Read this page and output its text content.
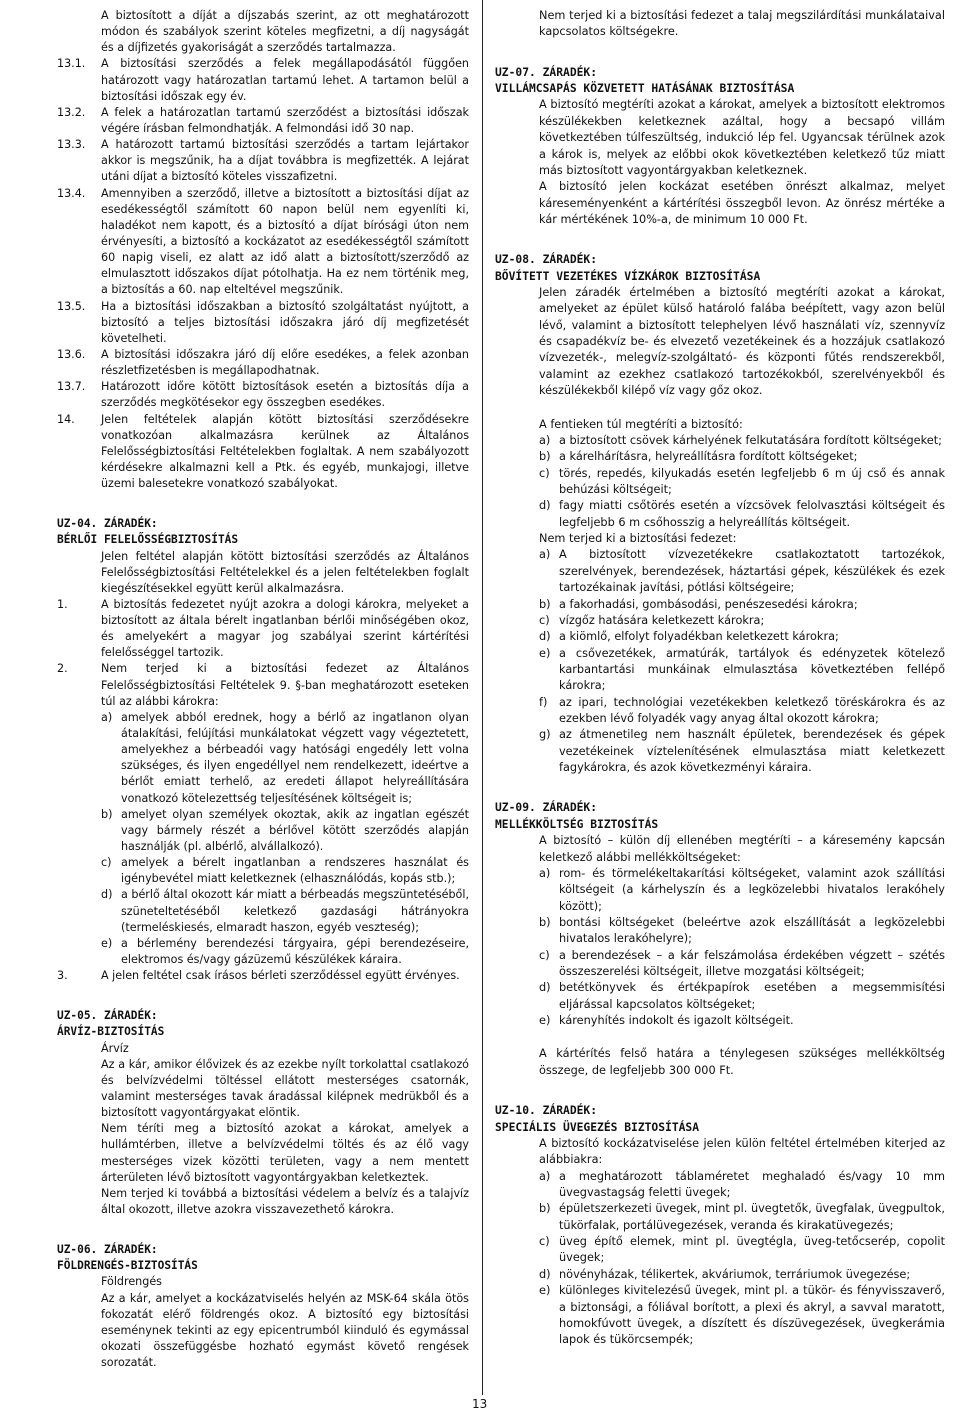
A biztosított a díját a díjszabás szerint, az ott meghatározott módon és szabályok szerint köteles megfizetni, a díj nagyságát és a díjfizetés gyakoriságát a szerződés tartalmazza.

13.1.	A biztosítási szerződés a felek megállapodásától függően határozott vagy határozatlan tartamú lehet. A tartamon belül a biztosítási időszak egy év.
13.2.	A felek a határozatlan tartamú szerződést a biztosítási időszak végére írásban felmondhatják. A felmondási idő 30 nap.
13.3.	A határozott tartamú biztosítási szerződés a tartam lejártakor akkor is megszűnik, ha a díjat továbbra is megfizették. A lejárat utáni díjat a biztosító köteles visszafizetni.
13.4.	Amennyiben a szerződő, illetve a biztosított a biztosítási díjat az esedékességtől számított 60 napon belül nem egyenlíti ki, haladékot nem kapott, és a biztosító a díjat bírósági úton nem érvényesíti, a biztosító a kockázatot az esedékességtől számított 60 napig viseli, ez alatt az idő alatt a biztosított/szerződő az elmulasztott időszakos díjat pótolhatja. Ha ez nem történik meg, a biztosítás a 60. nap elteltével megszűnik.
13.5.	Ha a biztosítási időszakban a biztosító szolgáltatást nyújtott, a biztosító a teljes biztosítási időszakra járó díj megfizetését követelheti.
13.6.	A biztosítási időszakra járó díj előre esedékes, a felek azonban részletfizetésben is megállapodhatnak.
13.7.	Határozott időre kötött biztosítások esetén a biztosítás díja a szerződés megkötésekor egy összegben esedékes.
14.	Jelen feltételek alapján kötött biztosítási szerződésekre vonatkozóan alkalmazásra kerülnek az Általános Felelősségbiztosítási Feltételekben foglaltak. A nem szabályozott kérdésekre alkalmazni kell a Ptk. és egyéb, munkajogi, illetve üzemi balesetekre vonatkozó szabályokat.

UZ-04. ZÁRADÉK:

BÉRLŐI FELELŐSSÉGBIZTOSÍTÁS

Jelen feltétel alapján kötött biztosítási szerződés az Általános Felelősségbiztosítási Feltételekkel és a jelen feltételekben foglalt kiegészítésekkel együtt kerül alkalmazásra.

1.	A biztosítás fedezetet nyújt azokra a dologi károkra, melyeket a biztosított az általa bérelt ingatlanban bérlői minőségében okoz, és amelyekért a magyar jog szabályai szerint kártérítési felelősséggel tartozik.
2.	Nem terjed ki a biztosítási fedezet az Általános Felelősségbiztosítási Feltételek 9. §-ban meghatározott eseteken túl az alábbi károkra:
a) amelyek abból erednek, hogy a bérlő az ingatlanon olyan átalakítási, felújítási munkálatokat végzett vagy végeztetett, amelyekhez a bérbeadói vagy hatósági engedély lett volna szükséges, és ilyen engedéllyel nem rendelkezett, ideértve a bérlőt emiatt terhelő, az eredeti állapot helyreállítására vonatkozó kötelezettség teljesítésének költségeit is;
b) amelyet olyan személyek okoztak, akik az ingatlan egészét vagy bármely részét a bérlővel kötött szerződés alapján használják (pl. albérlő, alvállalkozó).
c) amelyek a bérelt ingatlanban a rendszeres használat és igénybevétel miatt keletkeznek (elhasználódás, kopás stb.);
d) a bérlő által okozott kár miatt a bérbeadás megszüntetéséből, szüneteltetéséből keletkező gazdasági hátrányokra (termeléskiesés, elmaradt haszon, egyéb veszteség);
e) a bérlemény berendezési tárgyaira, gépi berendezéseire, elektromos és/vagy gázüzemű készülékek káraira.
3.	A jelen feltétel csak írásos bérleti szerződéssel együtt érvényes.

UZ-05. ZÁRADÉK:

ÁRVÍZ-BIZTOSÍTÁS

Árvíz

Az a kár, amikor élővizek és az ezekbe nyílt torkolattal csatlakozó és belvízvédelmi töltéssel ellátott mesterséges csatornák, valamint mesterséges tavak áradással kilépnek medrükből és a biztosított vagyontárgyakat elöntik.

Nem téríti meg a biztosító azokat a károkat, amelyek a hullámtérben, illetve a belvízvédelmi töltés és az élő vagy mesterséges vizek közötti területen, vagy a nem mentett árterületen lévő biztosított vagyontárgyakban keletkeztek.

Nem terjed ki továbbá a biztosítási védelem a belvíz és a talajvíz által okozott, illetve azokra visszavezethető károkra.

UZ-06. ZÁRADÉK:

FÖLDRENGÉS-BIZTOSÍTÁS

Földrengés

Az a kár, amelyet a kockázatviselés helyén az MSK-64 skála ötös fokozatát elérő földrengés okoz. A biztosító egy biztosítási eseménynek tekinti az egy epicentrumból kiinduló és egymással okozati összefüggésbe hozható egymást követő rengések sorozatát.

Nem terjed ki a biztosítási fedezet a talaj megszilárdítási munkálataival kapcsolatos költségekre.

UZ-07. ZÁRADÉK:

VILLÁMCSAPÁS KÖZVETETT HATÁSÁNAK BIZTOSÍTÁSA

A biztosító megtéríti azokat a károkat, amelyek a biztosított elektromos készülékekben keletkeznek azáltal, hogy a becsapó villám következtében túlfeszültség, indukció lép fel. Ugyancsak térülnek azok a károk is, melyek az előbbi okok következtében keletkező tűz miatt más biztosított vagyontárgyakban keletkeznek.

A biztosító jelen kockázat esetében önrészt alkalmaz, melyet káreseményenként a kártérítési összegből levon. Az önrész mértéke a kár mértékének 10%-a, de minimum 10 000 Ft.

UZ-08. ZÁRADÉK:

BŐVÍTETT VEZETÉKES VÍZKÁROK BIZTOSÍTÁSA

Jelen záradék értelmében a biztosító megtéríti azokat a károkat, amelyeket az épület külső határoló falába beépített, vagy azon belül lévő, valamint a biztosított telephelyen lévő használati víz, szennyvíz és csapadékvíz be- és elvezető vezetékeinek és a hozzájuk csatlakozó vízvezeték-, melegvíz-szolgáltató- és központi fűtés rendszerekből, valamint az ezekhez csatlakozó tartozékokból, szerelvényekből és készülékekből kilépő víz vagy gőz okoz.

A fentieken túl megtéríti a biztosító:

a) a biztosított csövek kárhelyének felkutatására fordított költségeket;
b) a kárelhárításra, helyreállításra fordított költségeket;
c) törés, repedés, kilyukadás esetén legfeljebb 6 m új cső és annak behúzási költségeit;
d) fagy miatti csőtörés esetén a vízcsövek felolvasztási költségeit és legfeljebb 6 m csőhosszig a helyreállítás költségeit.

Nem terjed ki a biztosítási fedezet:

a) A biztosított vízvezetékekre csatlakoztatott tartozékok, szerelvények, berendezések, háztartási gépek, készülékek és ezek tartozékainak javítási, pótlási költségeire;
b) a fakorhadási, gombásodási, penészesedési károkra;
c) vízgőz hatására keletkezett károkra;
d) a kiömlő, elfolyt folyadékban keletkezett károkra;
e) a csővezetékek, armatúrák, tartályok és edényzetek kötelező karbantartási munkáinak elmulasztása következtében fellépő károkra;
f)	az ipari, technológiai vezetékekben keletkező töréskárokra és az ezekben lévő folyadék vagy anyag által okozott károkra;
g) az átmenetileg nem használt épületek, berendezések és gépek vezetékeinek víztelenítésének elmulasztása miatt keletkezett fagykárokra, és azok következményi káraira.

UZ-09. ZÁRADÉK:

MELLÉKKÖLTSÉG BIZTOSÍTÁS

A biztosító – külön díj ellenében megtéríti – a káresemény kapcsán keletkező alábbi mellékköltségeket:

a) rom- és törmelékeltakarítási költségeket, valamint azok szállítási költségeit (a kárhelyszín és a legközelebbi hivatalos lerakóhely között);
b) bontási költségeket (beleértve azok elszállítását a legközelebbi hivatalos lerakóhelyre);
c) a berendezések – a kár felszámolása érdekében végzett – szétés összeszerelési költségeit, illetve mozgatási költségeit;
d) betétkönyvek és értékpapírok esetében a megsemmisítési eljárással kapcsolatos költségeket;
e) kárenyhítés indokolt és igazolt költségeit.

A kártérítés felső határa a ténylegesen szükséges mellékköltség összege, de legfeljebb 300 000 Ft.

UZ-10. ZÁRADÉK:

SPECIÁLIS ÜVEGEZÉS BIZTOSÍTÁSA

A biztosító kockázatviselése jelen külön feltétel értelmében kiterjed az alábbiakra:

a) a meghatározott táblaméretet meghaladó és/vagy 10 mm üvegvastagság feletti üvegek;
b) épületszerkezeti üvegek, mint pl. üvegtetők, üvegfalak, üvegpultok, tükörfalak, portálüvegezések, veranda és kirakatüvegezés;
c) üveg építő elemek, mint pl. üvegtégla, üveg-tetőcserép, copolit üvegek;
d) növényházak, télikertek, akváriumok, terráriumok üvegezése;
e) különleges kivitelezésű üvegek, mint pl. a tükör- és fényvisszaverő, a biztonsági, a fóliával borított, a plexi és akryl, a savval maratott, homokfúvott üvegek, a díszített és díszüvegezések, üvegkerámia lapok és tükörcsempék;
13
